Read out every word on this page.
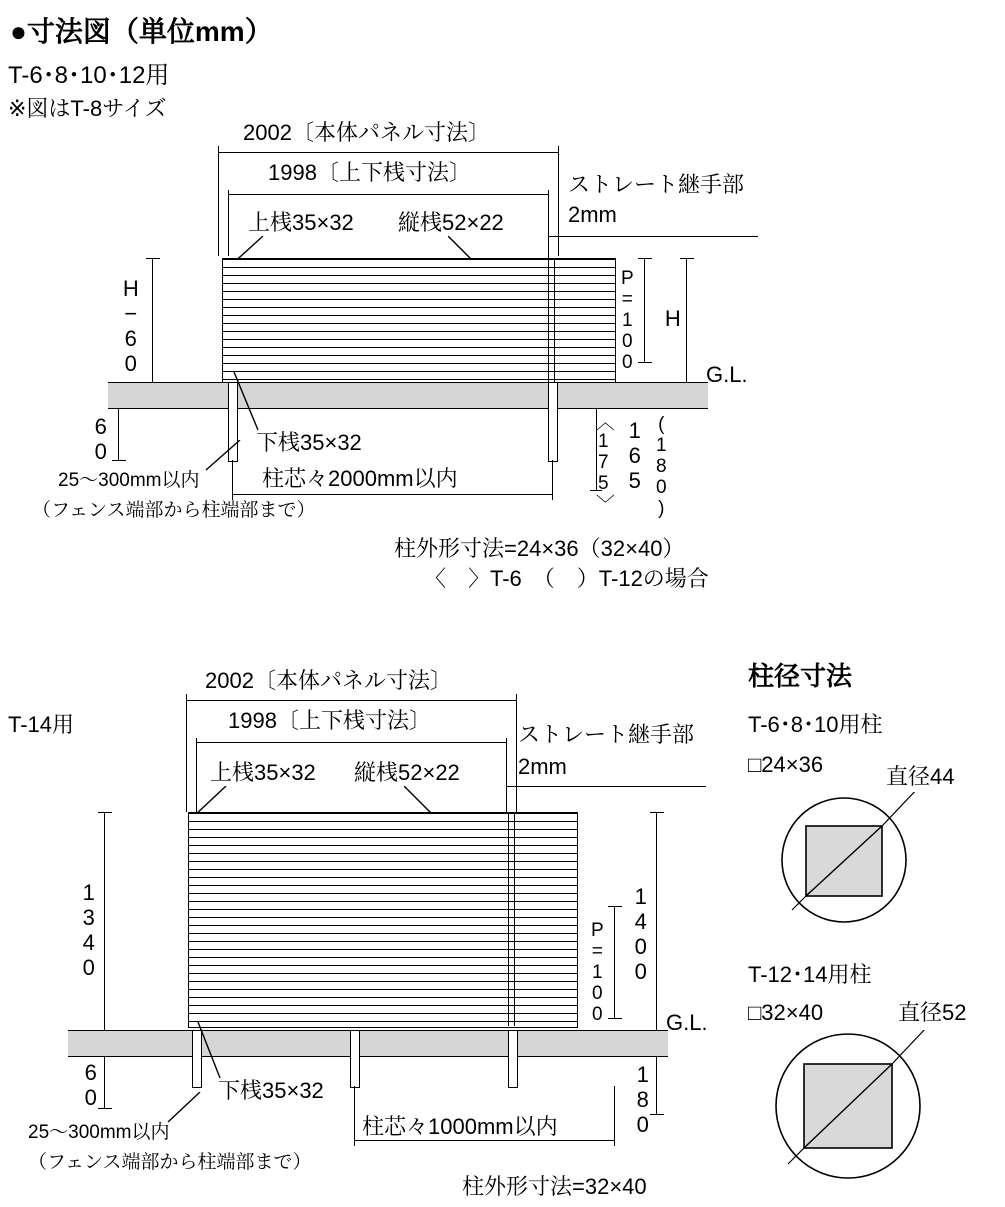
●寸法図（単位mm）
T-6･8･10･12用
※図はT-8サイズ
2002〔本体パネル寸法〕
1998〔上下桟寸法〕	ストレート継手部
2mm
上桟35×32 縦桟52×22
G.L.
H−60
60
P=100 H
〈175〉 165 (180)
下桟35×32
柱芯々2000mm以内
25〜300mm以内
（フェンス端部から柱端部まで）
柱外形寸法=24×36（32×40）
〈　〉T-6　（　）T-12の場合
T-14用
2002〔本体パネル寸法〕
1998〔上下桟寸法〕
ストレート継手部
2mm
上桟35×32 縦桟52×22
G.L.
1340
60
P=100 1400
180
下桟35×32
柱芯々1000mm以内
25〜300mm以内
（フェンス端部から柱端部まで）
柱外形寸法=32×40
柱径寸法
T-6･8･10用柱
□24×36	直径44
T-12･14用柱
□32×40	直径52
